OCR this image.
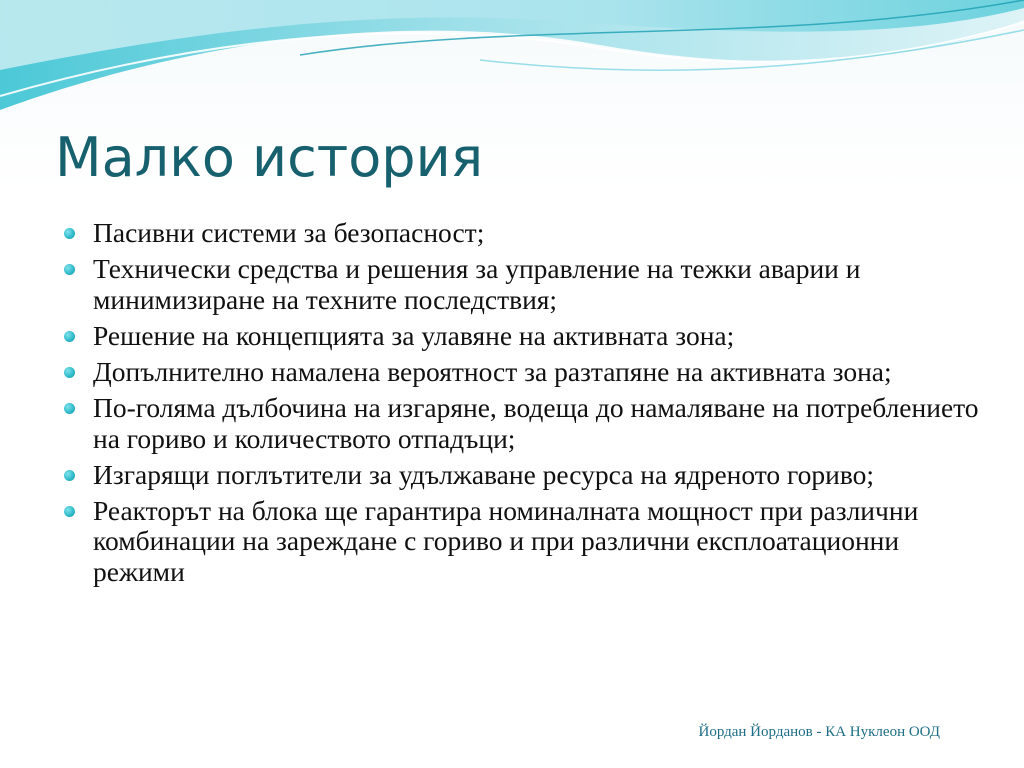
Малко история
Пасивни системи за безопасност;
Технически средства и решения за управление на тежки аварии и минимизиране на техните последствия;
Решение на концепцията за улавяне на активната зона;
Допълнително намалена вероятност за разтапяне на активната зона;
По-голяма дълбочина на изгаряне, водеща до намаляване на потреблението на гориво и количеството отпадъци;
Изгарящи поглътители за удължаване ресурса на ядреното гориво;
Реакторът на блока ще гарантира номиналната мощност при различни комбинации на зареждане с гориво и при различни експлоатационни режими
Йордан Йорданов - КА Нуклеон ООД
